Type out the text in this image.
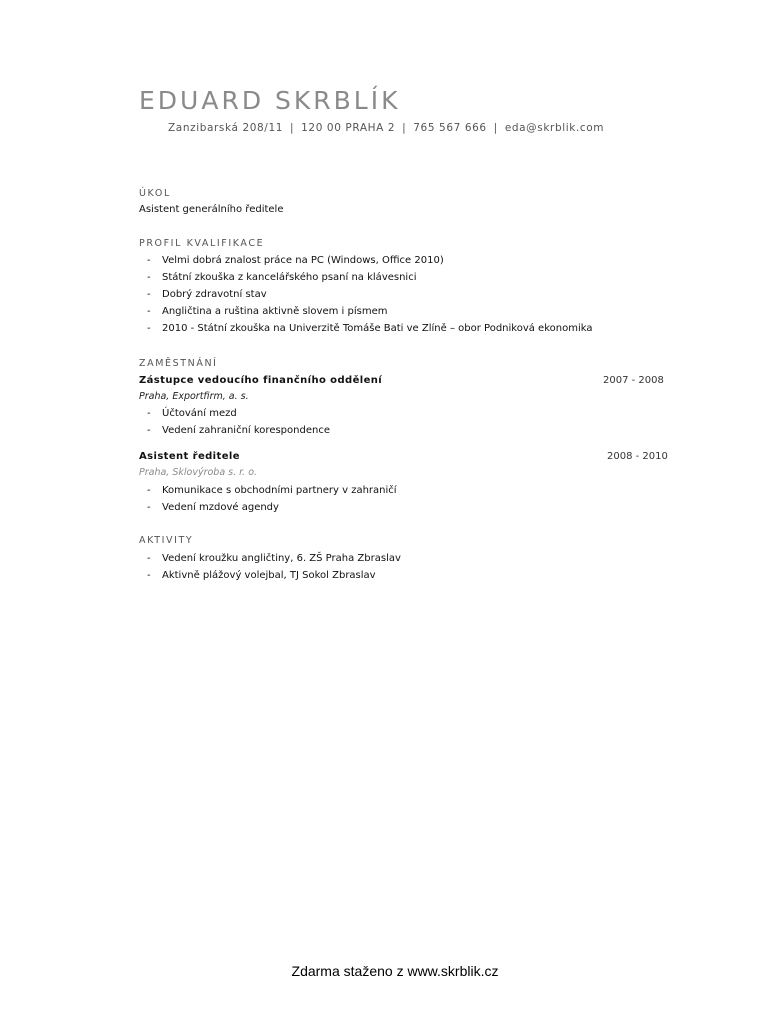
EDUARD SKRBLÍK
Zanzibarská 208/11 | 120 00 PRAHA 2 | 765 567 666 | eda@skrblik.com
ÚKOL
Asistent generálního ředitele
PROFIL KVALIFIKACE
- Velmi dobrá znalost práce na PC (Windows, Office 2010)
- Státní zkouška z kancelářského psaní na klávesnici
- Dobrý zdravotní stav
- Angličtina a ruština aktivně slovem i písmem
- 2010 - Státní zkouška na Univerzitě Tomáše Bati ve Zlíně – obor Podniková ekonomika
ZAMĚSTNÁNÍ
Zástupce vedoucího finančního oddělení	2007 - 2008
Praha, Exportfirm, a. s.
- Účtování mezd
- Vedení zahraniční korespondence
Asistent ředitele	2008 - 2010
Praha, Sklovýroba s. r. o.
- Komunikace s obchodními partnery v zahraničí
- Vedení mzdové agendy
AKTIVITY
- Vedení kroužku angličtiny, 6. ZŠ Praha Zbraslav
- Aktivně plážový volejbal, TJ Sokol Zbraslav
Zdarma staženo z www.skrblik.cz
